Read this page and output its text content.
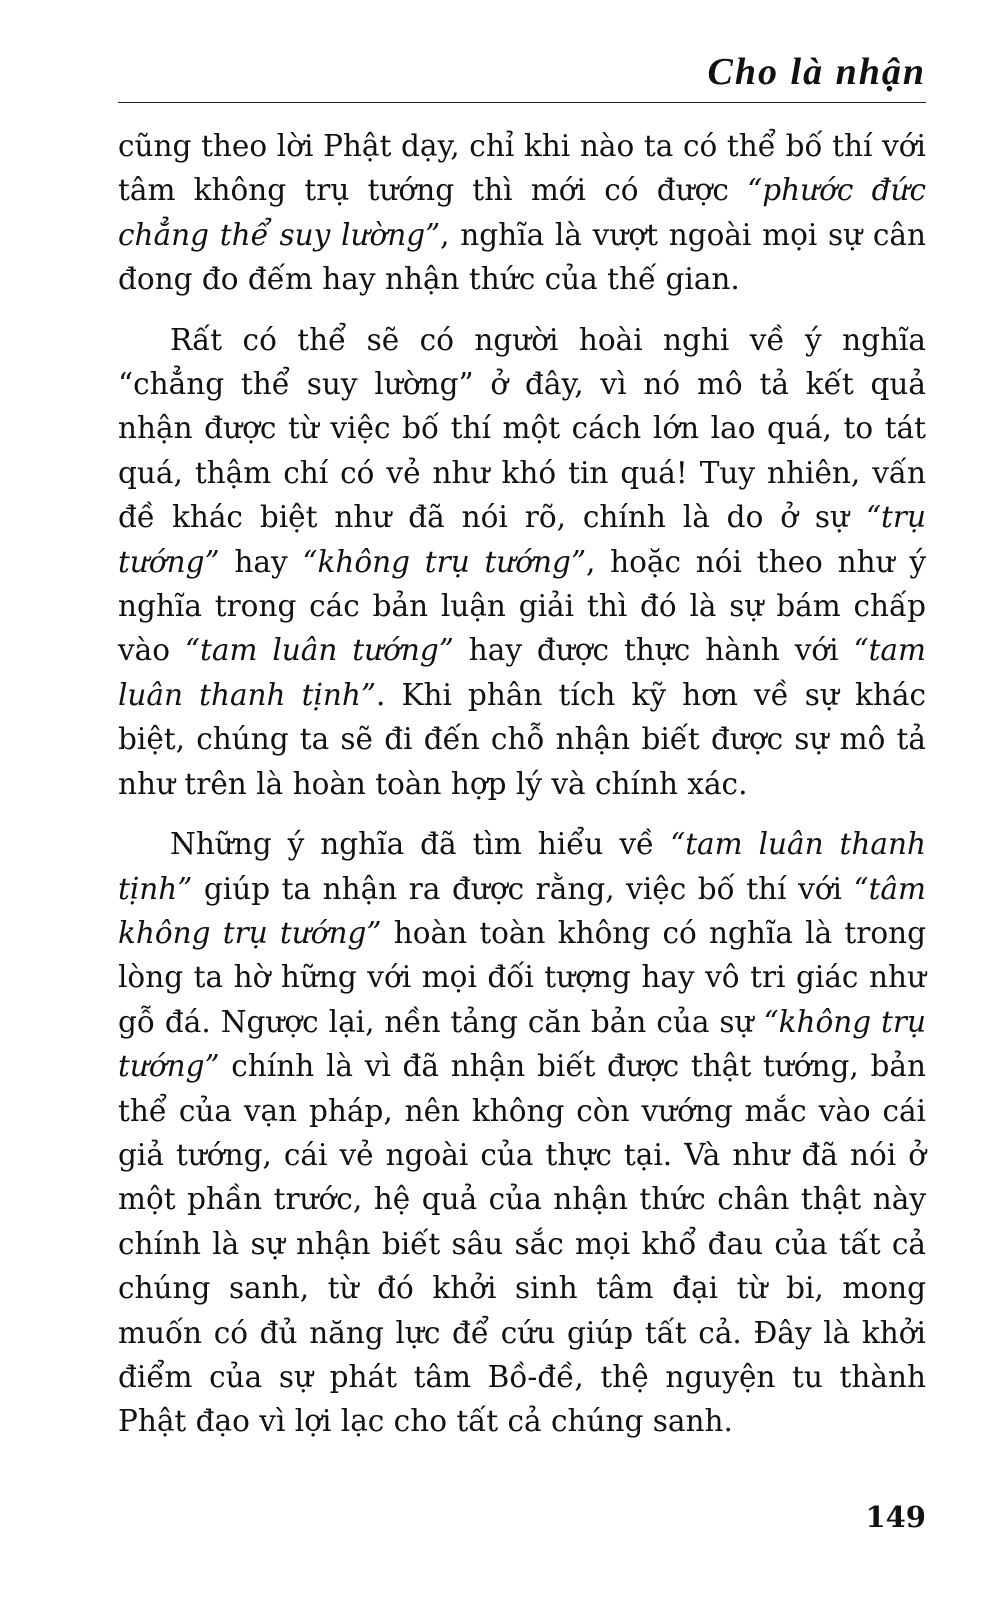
Cho là nhận

cũng theo lời Phật dạy, chỉ khi nào ta có thể bố thí với tâm không trụ tướng thì mới có được “phước đức chẳng thể suy lường”, nghĩa là vượt ngoài mọi sự cân đong đo đếm hay nhận thức của thế gian.

Rất có thể sẽ có người hoài nghi về ý nghĩa “chẳng thể suy lường” ở đây, vì nó mô tả kết quả nhận được từ việc bố thí một cách lớn lao quá, to tát quá, thậm chí có vẻ như khó tin quá! Tuy nhiên, vấn đề khác biệt như đã nói rõ, chính là do ở sự “trụ tướng” hay “không trụ tướng”, hoặc nói theo như ý nghĩa trong các bản luận giải thì đó là sự bám chấp vào “tam luân tướng” hay được thực hành với “tam luân thanh tịnh”. Khi phân tích kỹ hơn về sự khác biệt, chúng ta sẽ đi đến chỗ nhận biết được sự mô tả như trên là hoàn toàn hợp lý và chính xác.

Những ý nghĩa đã tìm hiểu về “tam luân thanh tịnh” giúp ta nhận ra được rằng, việc bố thí với “tâm không trụ tướng” hoàn toàn không có nghĩa là trong lòng ta hờ hững với mọi đối tượng hay vô tri giác như gỗ đá. Ngược lại, nền tảng căn bản của sự “không trụ tướng” chính là vì đã nhận biết được thật tướng, bản thể của vạn pháp, nên không còn vướng mắc vào cái giả tướng, cái vẻ ngoài của thực tại. Và như đã nói ở một phần trước, hệ quả của nhận thức chân thật này chính là sự nhận biết sâu sắc mọi khổ đau của tất cả chúng sanh, từ đó khởi sinh tâm đại từ bi, mong muốn có đủ năng lực để cứu giúp tất cả. Đây là khởi điểm của sự phát tâm Bồ-đề, thệ nguyện tu thành Phật đạo vì lợi lạc cho tất cả chúng sanh.

149
